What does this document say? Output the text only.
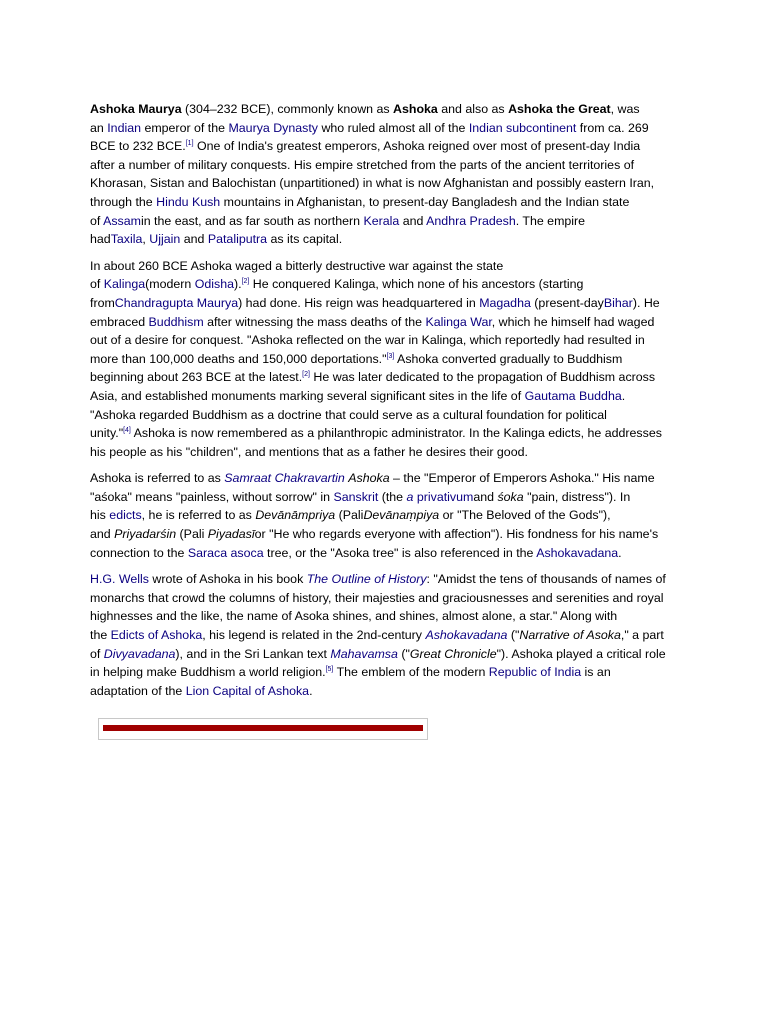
Ashoka Maurya (304–232 BCE), commonly known as Ashoka and also as Ashoka the Great, was
an Indian emperor of the Maurya Dynasty who ruled almost all of the Indian subcontinent from ca. 269
BCE to 232 BCE.[1] One of India's greatest emperors, Ashoka reigned over most of present-day India
after a number of military conquests. His empire stretched from the parts of the ancient territories of
Khorasan, Sistan and Balochistan (unpartitioned) in what is now Afghanistan and possibly eastern Iran,
through the Hindu Kush mountains in Afghanistan, to present-day Bangladesh and the Indian state
of Assamin the east, and as far south as northern Kerala and Andhra Pradesh. The empire
hadTaxila, Ujjain and Pataliputra as its capital.

In about 260 BCE Ashoka waged a bitterly destructive war against the state
of Kalinga(modern Odisha).[2] He conquered Kalinga, which none of his ancestors (starting
fromChandragupta Maurya) had done. His reign was headquartered in Magadha (present-dayBihar). He
embraced Buddhism after witnessing the mass deaths of the Kalinga War, which he himself had waged
out of a desire for conquest. "Ashoka reflected on the war in Kalinga, which reportedly had resulted in
more than 100,000 deaths and 150,000 deportations."[3] Ashoka converted gradually to Buddhism
beginning about 263 BCE at the latest.[2] He was later dedicated to the propagation of Buddhism across
Asia, and established monuments marking several significant sites in the life of Gautama Buddha.
"Ashoka regarded Buddhism as a doctrine that could serve as a cultural foundation for political
unity."[4] Ashoka is now remembered as a philanthropic administrator. In the Kalinga edicts, he addresses
his people as his "children", and mentions that as a father he desires their good.

Ashoka is referred to as Samraat Chakravartin Ashoka – the "Emperor of Emperors Ashoka." His name
"aśoka" means "painless, without sorrow" in Sanskrit (the a privativumand śoka "pain, distress"). In
his edicts, he is referred to as Devānāmpriya (PaliDevānaṃpiya or "The Beloved of the Gods"),
and Priyadarśin (Pali Piyadasīor "He who regards everyone with affection"). His fondness for his name's
connection to the Saraca asoca tree, or the "Asoka tree" is also referenced in the Ashokavadana.

H.G. Wells wrote of Ashoka in his book The Outline of History: "Amidst the tens of thousands of names of
monarchs that crowd the columns of history, their majesties and graciousnesses and serenities and royal
highnesses and the like, the name of Asoka shines, and shines, almost alone, a star." Along with
the Edicts of Ashoka, his legend is related in the 2nd-century Ashokavadana ("Narrative of Asoka," a part
of Divyavadana), and in the Sri Lankan text Mahavamsa ("Great Chronicle"). Ashoka played a critical role
in helping make Buddhism a world religion.[5] The emblem of the modern Republic of India is an
adaptation of the Lion Capital of Ashoka.
